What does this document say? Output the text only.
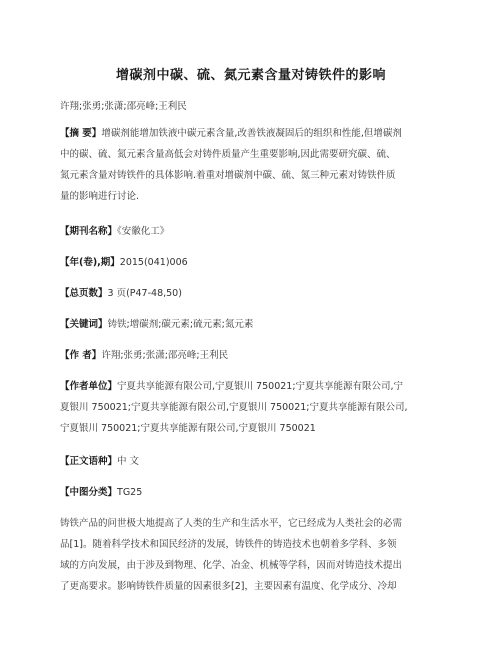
增碳剂中碳、硫、氮元素含量对铸铁件的影响
许翔;张勇;张潇;邵亮峰;王利民
【摘 要】增碳剂能增加铁液中碳元素含量,改善铁液凝固后的组织和性能,但增碳剂
中的碳、硫、氮元素含量高低会对铸件质量产生重要影响,因此需要研究碳、硫、
氮元素含量对铸铁件的具体影响.着重对增碳剂中碳、硫、氮三种元素对铸铁件质
量的影响进行讨论.
【期刊名称】《安徽化工》
【年(卷),期】2015(041)006
【总页数】3 页(P47-48,50)
【关键词】铸铁;增碳剂;碳元素;硫元素;氮元素
【作 者】许翔;张勇;张潇;邵亮峰;王利民
【作者单位】宁夏共享能源有限公司,宁夏银川 750021;宁夏共享能源有限公司,宁
夏银川 750021;宁夏共享能源有限公司,宁夏银川 750021;宁夏共享能源有限公司,
宁夏银川 750021;宁夏共享能源有限公司,宁夏银川 750021
【正文语种】中 文
【中图分类】TG25
铸铁产品的问世极大地提高了人类的生产和生活水平，它已经成为人类社会的必需
品[1]。随着科学技术和国民经济的发展，铸铁件的铸造技术也朝着多学科、多领
域的方向发展，由于涉及到物理、化学、冶金、机械等学科，因而对铸造技术提出
了更高要求。影响铸铁件质量的因素很多[2]，主要因素有温度、化学成分、冷却
